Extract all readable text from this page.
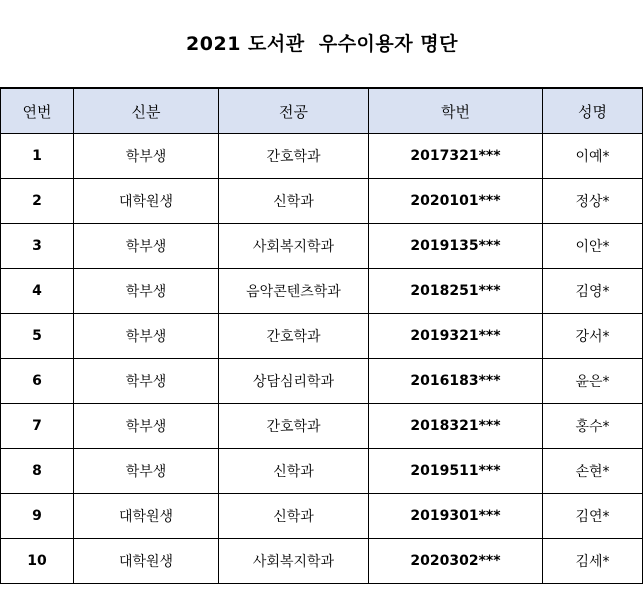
2021 도서관  우수이용자 명단
연번	신분	전공	학번	성명
1	학부생	간호학과	2017321***	이예*
2	대학원생	신학과	2020101***	정상*
3	학부생	사회복지학과	2019135***	이안*
4	학부생	음악콘텐츠학과	2018251***	김영*
5	학부생	간호학과	2019321***	강서*
6	학부생	상담심리학과	2016183***	윤은*
7	학부생	간호학과	2018321***	홍수*
8	학부생	신학과	2019511***	손현*
9	대학원생	신학과	2019301***	김연*
10	대학원생	사회복지학과	2020302***	김세*
